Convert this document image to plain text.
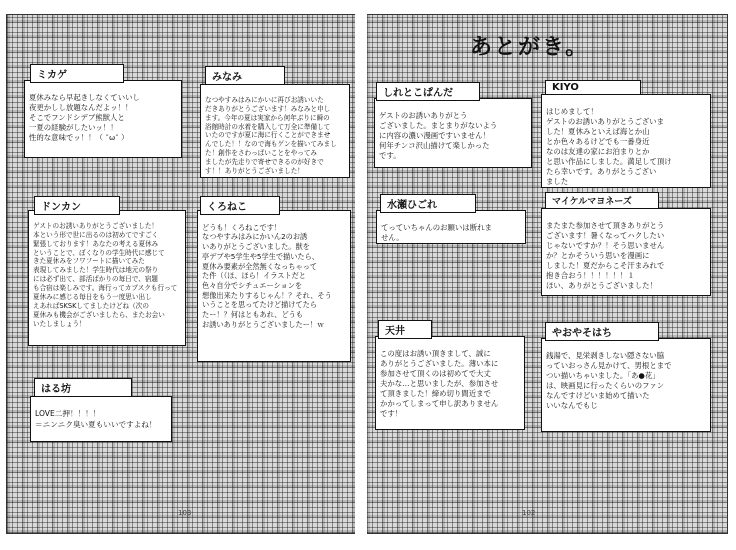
あとがき。

夏休みなら早起きしなくていいし
夜更かしし放題なんだよッ！！
そこでフンドシデブ熊獣人と
一夏の経験がしたいッ！！
性的な意味でッ！！（ ˘ω˘ ）

ミカゲ

なつやすみはみにかいに再びお誘いいた
だきありがとうございます！みなみと申し
ます。今年の夏は実家から何年ぶりに瞬の
浴館時計の水着を購入して万全に準備して
いたのですが夏に海に行くことができませ
んでした！！なので海もゲンを描いてみまし
た！創作をさわっぱいことをやってみ
ましたが先走りで寄せできるのが好きで
す！！ありがとうございました！

みなみ

ゲストのお誘いありがとうございました！
本という形で世に出るのは初めてですごく
緊張しております！あなたの考える夏休み
ということで、ぼくなりの学生時代に感じて
きた夏休みをフワフートに描いてみた
表現してみました！学生時代は地元の祭り
には必ず出て、部活ばかりの毎日で、宿題
も合宿は楽しみです。海行ってカブスクも行って
夏休みに感じる毎日をもう一度思い出し
えあればSKSKしてましたけどね（次の
夏休みも機会がございましたら、またお会い
いたしましょう！

ドンカン

どうも！くろねこです！
なつやすみはみにかいん2のお誘
いありがとうございました。獣を
亭デブや5学生や5学生で描いたら、
夏休み要素が全然無くなっちゃって
た件（（ほ、ほら！イラストだと
色々自分でシチュエーションを
想像出来たりするじゃん！？それ、そう
いうことを思ってたけど描けてたら
たー！？何はともあれ、どうも
お誘いありがとうございましたー！ｗ

くろねこ

LOVE二押！！！！
＝ニンニク臭い夏もいいですよね！

はる坊
103

ゲストのお誘いありがとう
ございました。まとまりがないよう
に内容の濃い漫画ですいません！
何年チンコ沢山描けて楽しかった
です。

しれとこぱんだ

はじめまして！
ゲストのお誘いありがとうございま
した！夏休みといえば海とか山
とか色々あるけどでも一番身近
なのは友達の家にお泊まりとか
と思い作品にしました。満足して頂け
たら幸いです。ありがとうござい
ました

KIYO

てっていちゃんのお願いは断れま
せん。

水瀬ひごれ

またまた参加させて頂きありがとう
ございます！暑くなってハクしたい
じゃないですか？！そう思いません
か？とかそういう思いを漫画に
しました！夏だからこそ汗まみれで
抱き合おう！！！！！！１
ほい、ありがとうございました！

マイケルマヨネーズ

この度はお誘い頂きまして、誠に
ありがとうございました。薄い本に
参加させて頂くのは初めてで大丈
夫かな…と思いましたが、参加させ
て頂きました！締め切り間近まで
かかってしまって申し訳ありません
です！

天井

銭湯で、見栄剥きしない隠さない脇
っていおっさん見かけて、男根とまで
つい描いちゃいました。「あ●花」
は、映画見に行ったくらいのファン
なんですけどいま始めて描いた
いいなんでもじ

やおやそはち
102
